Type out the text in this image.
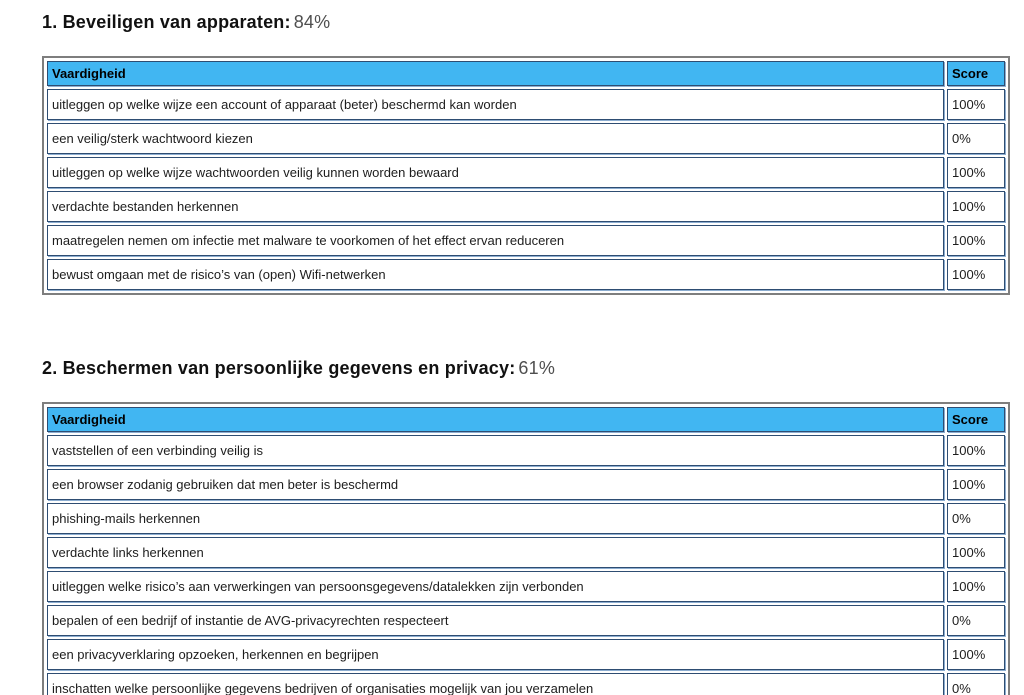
1. Beveiligen van apparaten: 84%
Vaardigheid	Score
uitleggen op welke wijze een account of apparaat (beter) beschermd kan worden	100%
een veilig/sterk wachtwoord kiezen	0%
uitleggen op welke wijze wachtwoorden veilig kunnen worden bewaard	100%
verdachte bestanden herkennen	100%
maatregelen nemen om infectie met malware te voorkomen of het effect ervan reduceren	100%
bewust omgaan met de risico’s van (open) Wifi-netwerken	100%
2. Beschermen van persoonlijke gegevens en privacy: 61%
Vaardigheid	Score
vaststellen of een verbinding veilig is	100%
een browser zodanig gebruiken dat men beter is beschermd	100%
phishing-mails herkennen	0%
verdachte links herkennen	100%
uitleggen welke risico’s aan verwerkingen van persoonsgegevens/datalekken zijn verbonden	100%
bepalen of een bedrijf of instantie de AVG-privacyrechten respecteert	0%
een privacyverklaring opzoeken, herkennen en begrijpen	100%
inschatten welke persoonlijke gegevens bedrijven of organisaties mogelijk van jou verzamelen	0%
